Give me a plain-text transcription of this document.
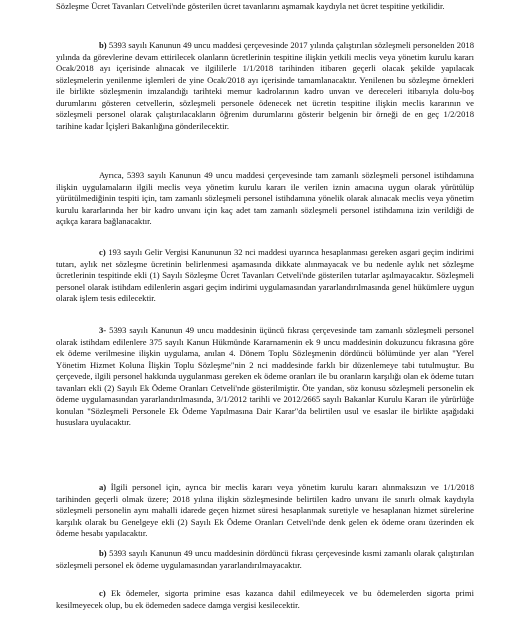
Sözleşme Ücret Tavanları Cetveli'nde gösterilen ücret tavanlarını aşmamak kaydıyla net ücret tespitine yetkilidir.

b) 5393 sayılı Kanunun 49 uncu maddesi çerçevesinde 2017 yılında çalıştırılan sözleşmeli personelden 2018 yılında da görevlerine devam ettirilecek olanların ücretlerinin tespitine ilişkin yetkili meclis veya yönetim kurulu kararı Ocak/2018 ayı içerisinde alınacak ve ilgililerle 1/1/2018 tarihinden itibaren geçerli olacak şekilde yapılacak sözleşmelerin yenilenme işlemleri de yine Ocak/2018 ayı içerisinde tamamlanacaktır. Yenilenen bu sözleşme örnekleri ile birlikte sözleşmenin imzalandığı tarihteki memur kadrolarının kadro unvan ve dereceleri itibarıyla dolu-boş durumlarını gösteren cetvellerin, sözleşmeli personele ödenecek net ücretin tespitine ilişkin meclis kararının ve sözleşmeli personel olarak çalıştırılacakların öğrenim durumlarını gösterir belgenin bir örneği de en geç 1/2/2018 tarihine kadar İçişleri Bakanlığına gönderilecektir.

Ayrıca, 5393 sayılı Kanunun 49 uncu maddesi çerçevesinde tam zamanlı sözleşmeli personel istihdamına ilişkin uygulamaların ilgili meclis veya yönetim kurulu kararı ile verilen iznin amacına uygun olarak yürütülüp yürütülmediğinin tespiti için, tam zamanlı sözleşmeli personel istihdamına yönelik olarak alınacak meclis veya yönetim kurulu kararlarında her bir kadro unvanı için kaç adet tam zamanlı sözleşmeli personel istihdamına izin verildiği de açıkça karara bağlanacaktır.

c) 193 sayılı Gelir Vergisi Kanununun 32 nci maddesi uyarınca hesaplanması gereken asgari geçim indirimi tutarı, aylık net sözleşme ücretinin belirlenmesi aşamasında dikkate alınmayacak ve bu nedenle aylık net sözleşme ücretlerinin tespitinde ekli (1) Sayılı Sözleşme Ücret Tavanları Cetveli'nde gösterilen tutarlar aşılmayacaktır. Sözleşmeli personel olarak istihdam edilenlerin asgari geçim indirimi uygulamasından yararlandırılmasında genel hükümlere uygun olarak işlem tesis edilecektir.

3- 5393 sayılı Kanunun 49 uncu maddesinin üçüncü fıkrası çerçevesinde tam zamanlı sözleşmeli personel olarak istihdam edilenlere 375 sayılı Kanun Hükmünde Kararnamenin ek 9 uncu maddesinin dokuzuncu fıkrasına göre ek ödeme verilmesine ilişkin uygulama, anılan 4. Dönem Toplu Sözleşmenin dördüncü bölümünde yer alan "Yerel Yönetim Hizmet Koluna İlişkin Toplu Sözleşme"nin 2 nci maddesinde farklı bir düzenlemeye tabi tutulmuştur. Bu çerçevede, ilgili personel hakkında uygulanması gereken ek ödeme oranları ile bu oranların karşılığı olan ek ödeme tutarı tavanları ekli (2) Sayılı Ek Ödeme Oranları Cetveli'nde gösterilmiştir. Öte yandan, söz konusu sözleşmeli personelin ek ödeme uygulamasından yararlandırılmasında, 3/1/2012 tarihli ve 2012/2665 sayılı Bakanlar Kurulu Kararı ile yürürlüğe konulan "Sözleşmeli Personele Ek Ödeme Yapılmasına Dair Karar"da belirtilen usul ve esaslar ile birlikte aşağıdaki hususlara uyulacaktır.

a) İlgili personel için, ayrıca bir meclis kararı veya yönetim kurulu kararı alınmaksızın ve 1/1/2018 tarihinden geçerli olmak üzere; 2018 yılına ilişkin sözleşmesinde belirtilen kadro unvanı ile sınırlı olmak kaydıyla sözleşmeli personelin aynı mahalli idarede geçen hizmet süresi hesaplanmak suretiyle ve hesaplanan hizmet sürelerine karşılık olarak bu Genelgeye ekli (2) Sayılı Ek Ödeme Oranları Cetveli'nde denk gelen ek ödeme oranı üzerinden ek ödeme hesabı yapılacaktır.

b) 5393 sayılı Kanunun 49 uncu maddesinin dördüncü fıkrası çerçevesinde kısmi zamanlı olarak çalıştırılan sözleşmeli personel ek ödeme uygulamasından yararlandırılmayacaktır.

c) Ek ödemeler, sigorta primine esas kazanca dahil edilmeyecek ve bu ödemelerden sigorta primi kesilmeyecek olup, bu ek ödemeden sadece damga vergisi kesilecektir.
